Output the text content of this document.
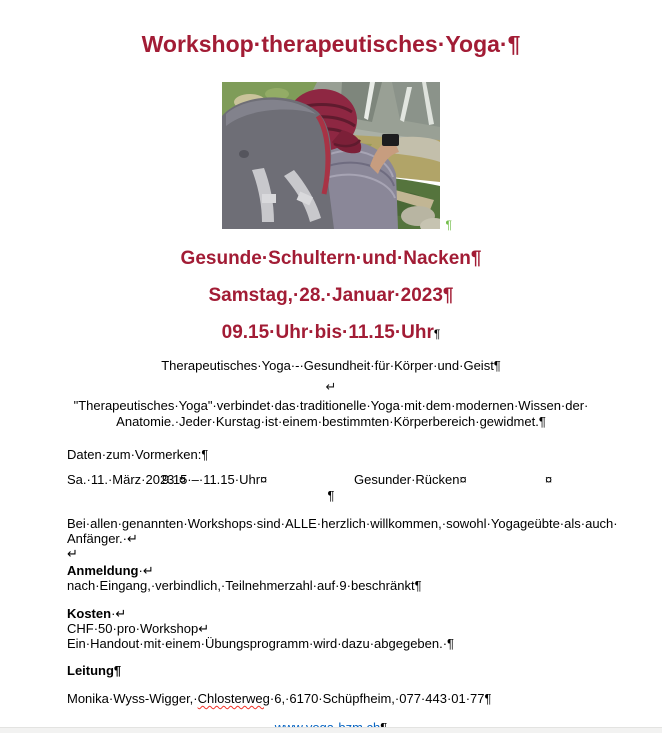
Workshop·therapeutisches·Yoga·¶
¶
Gesunde·Schultern·und·Nacken¶
Samstag,·28.·Januar·2023¶
09.15·Uhr·bis·11.15·Uhr¶
Therapeutisches·Yoga·-·Gesundheit·für·Körper·und·Geist¶
↵
"Therapeutisches·Yoga"·verbindet·das·traditionelle·Yoga·mit·dem·modernen·Wissen·der·
Anatomie.·Jeder·Kurstag·ist·einem·bestimmten·Körperbereich·gewidmet.¶
Daten·zum·Vormerken:¶
Sa.·11.·März·2023·¤
9.15·–·11.15·Uhr¤	Gesunder·Rücken¤	¤
¶
Bei·allen·genannten·Workshops·sind·ALLE·herzlich·willkommen,·sowohl·Yogageübte·als·auch·
Anfänger.·↵
↵
Anmeldung·↵
nach·Eingang,·verbindlich,·Teilnehmerzahl·auf·9·beschränkt¶
Kosten·↵
CHF·50·pro·Workshop↵
Ein·Handout·mit·einem·Übungsprogramm·wird·dazu·abgegeben.·¶
Leitung¶
Monika·Wyss-Wigger,·Chlosterweg·6,·6170·Schüpfheim,·077·443·01·77¶
